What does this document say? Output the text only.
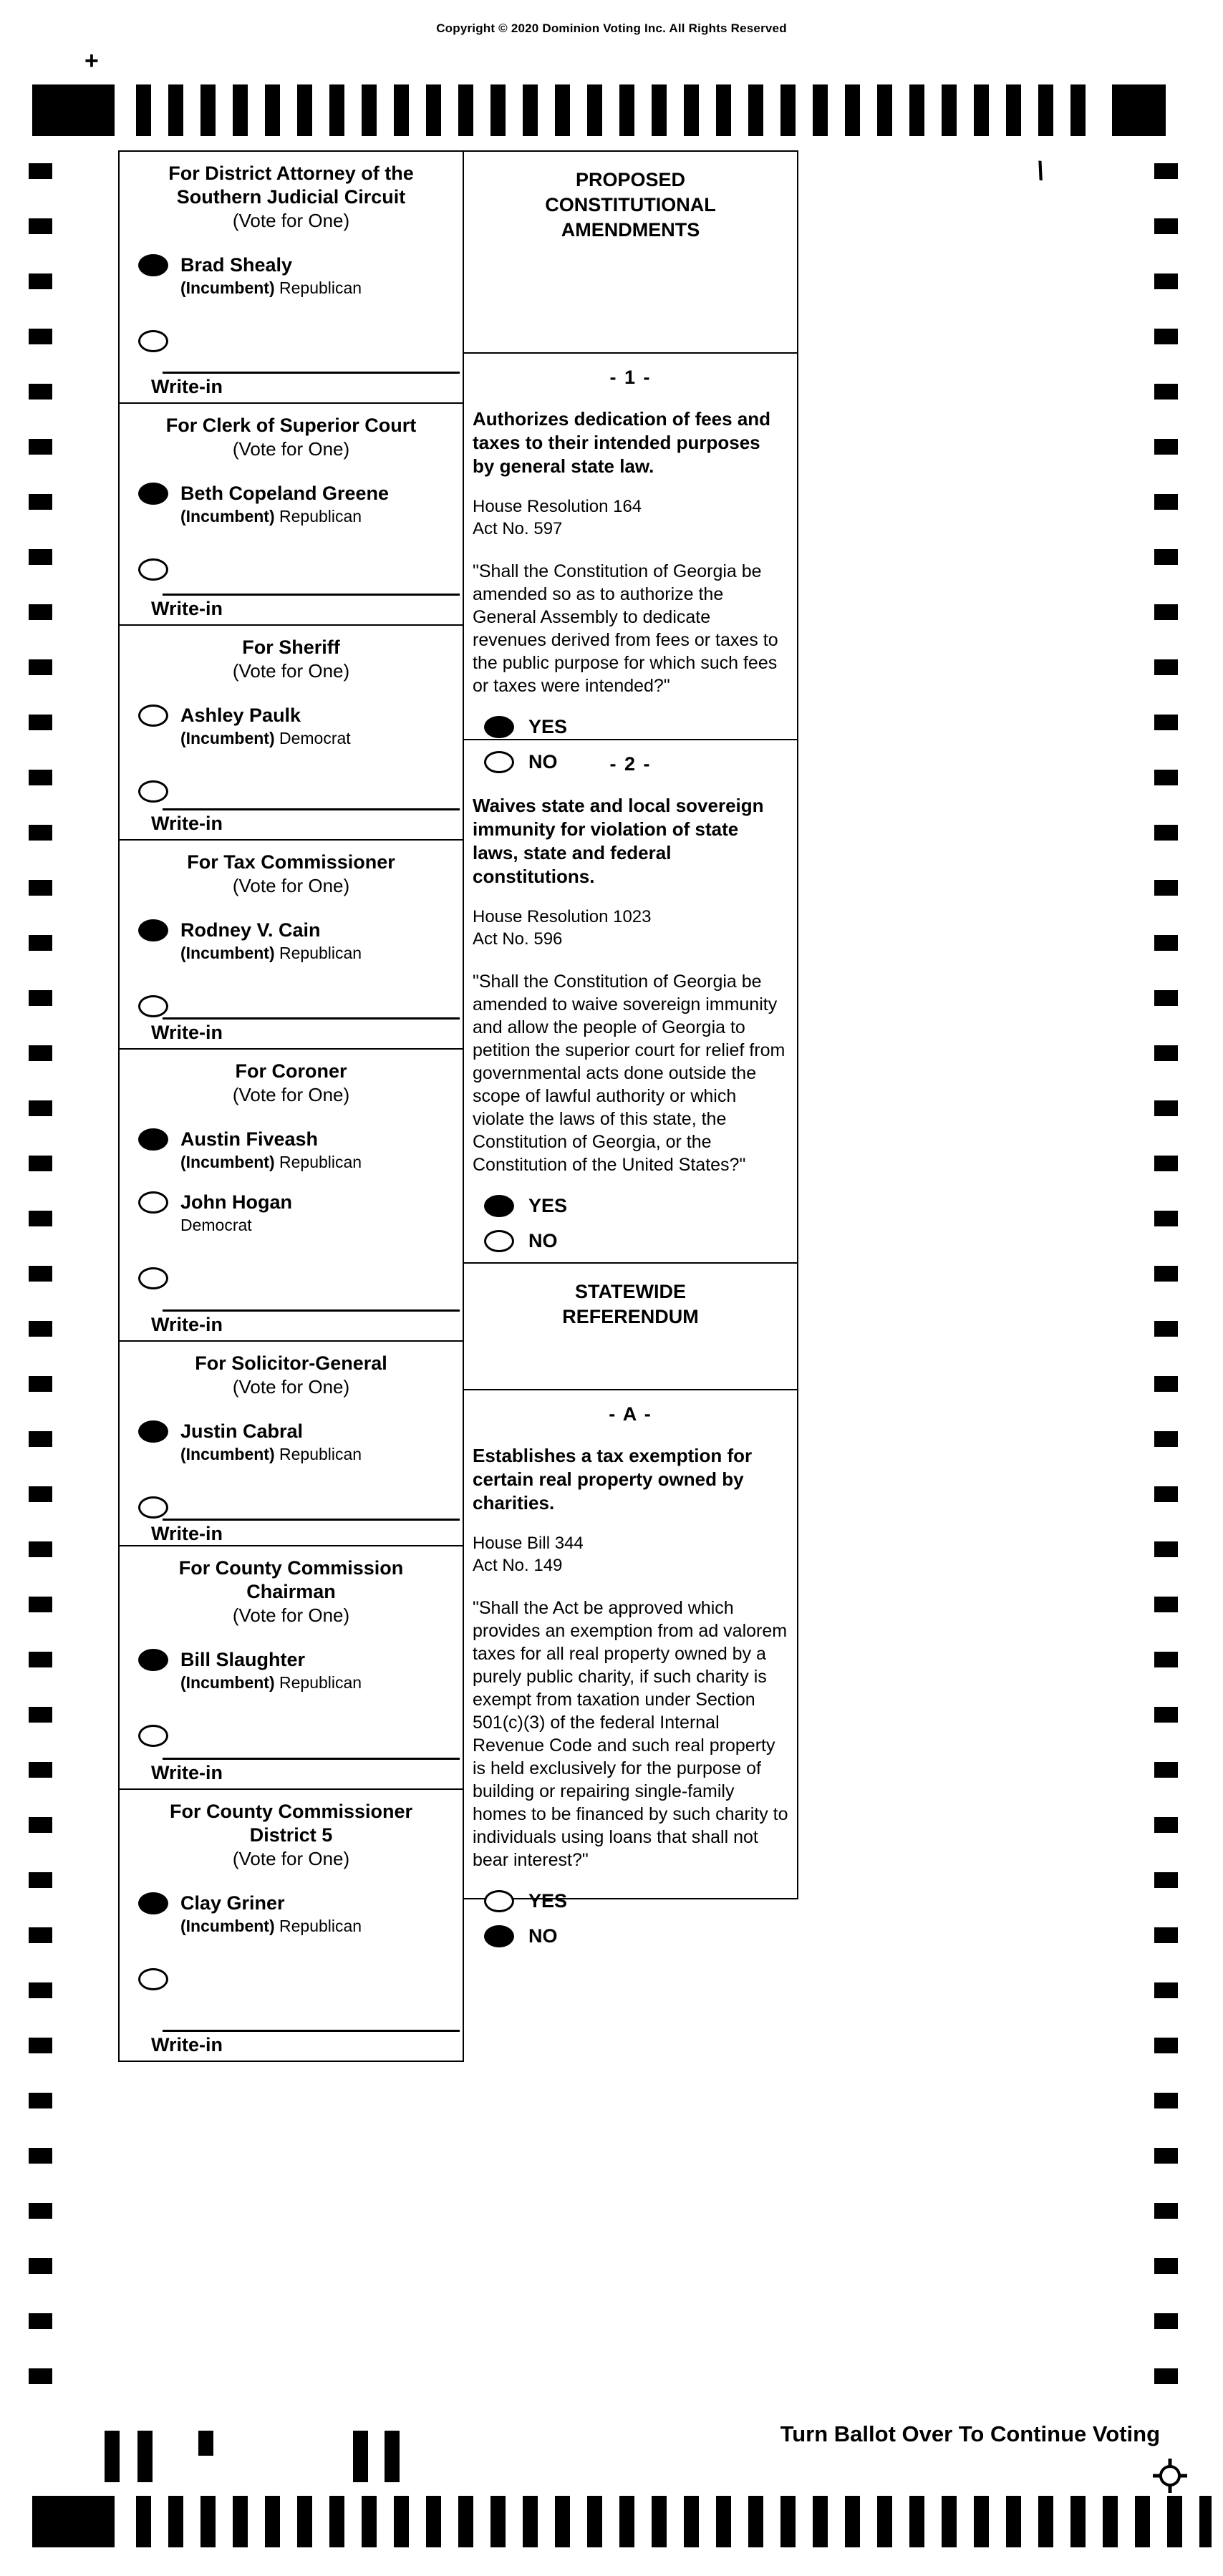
Copyright © 2020 Dominion Voting Inc. All Rights Reserved
+
\
For District Attorney of the
Southern Judicial Circuit
(Vote for One)
Brad Shealy
(Incumbent) Republican
Write-in
For Clerk of Superior Court
(Vote for One)
Beth Copeland Greene
(Incumbent) Republican
Write-in
For Sheriff
(Vote for One)
Ashley Paulk
(Incumbent) Democrat
Write-in
For Tax Commissioner
(Vote for One)
Rodney V. Cain
(Incumbent) Republican
Write-in
For Coroner
(Vote for One)
Austin Fiveash
(Incumbent) Republican
John Hogan
Democrat
Write-in
For Solicitor-General
(Vote for One)
Justin Cabral
(Incumbent) Republican
Write-in
For County Commission
Chairman
(Vote for One)
Bill Slaughter
(Incumbent) Republican
Write-in
For County Commissioner
District 5
(Vote for One)
Clay Griner
(Incumbent) Republican
Write-in
PROPOSED
CONSTITUTIONAL
AMENDMENTS
- 1 -
Authorizes dedication of fees and taxes to their intended purposes by general state law.
House Resolution 164
Act No. 597
"Shall the Constitution of Georgia be amended so as to authorize the General Assembly to dedicate revenues derived from fees or taxes to the public purpose for which such fees or taxes were intended?"
YES
NO	- 2 -
Waives state and local sovereign immunity for violation of state laws, state and federal constitutions.
House Resolution 1023
Act No. 596
"Shall the Constitution of Georgia be amended to waive sovereign immunity and allow the people of Georgia to petition the superior court for relief from governmental acts done outside the scope of lawful authority or which violate the laws of this state, the Constitution of Georgia, or the Constitution of the United States?"
YES
NO
STATEWIDE
REFERENDUM
- A -
Establishes a tax exemption for certain real property owned by charities.
House Bill 344
Act No. 149
"Shall the Act be approved which provides an exemption from ad valorem taxes for all real property owned by a purely public charity, if such charity is exempt from taxation under Section 501(c)(3) of the federal Internal Revenue Code and such real property is held exclusively for the purpose of building or repairing single-family homes to be financed by such charity to individuals using loans that shall not bear interest?"
YES
NO
19
Turn Ballot Over To Continue Voting
